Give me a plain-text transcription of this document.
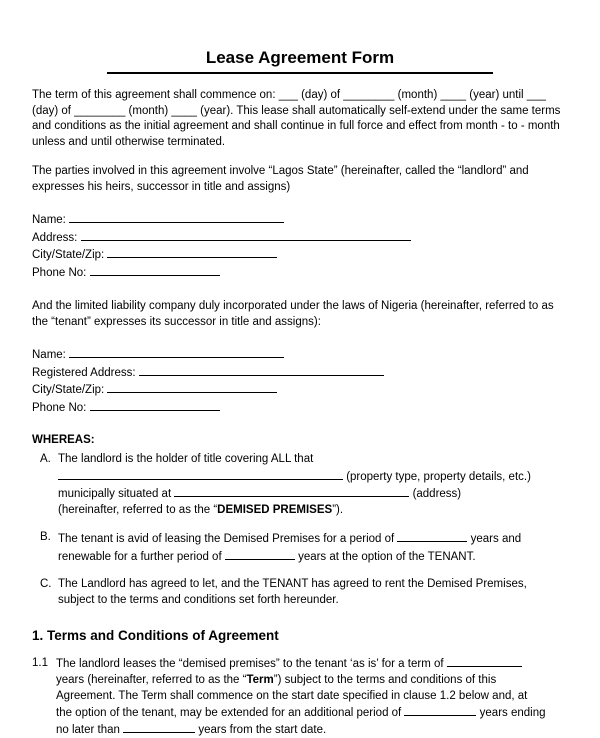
Lease Agreement Form

The term of this agreement shall commence on: ___ (day) of ________ (month) ____ (year) until ___ (day) of ________ (month) ____ (year). This lease shall automatically self-extend under the same terms and conditions as the initial agreement and shall continue in full force and effect from month - to - month unless and until otherwise terminated.

The parties involved in this agreement involve “Lagos State” (hereinafter, called the “landlord” and expresses his heirs, successor in title and assigns)

Name:
Address:
City/State/Zip:
Phone No:

And the limited liability company duly incorporated under the laws of Nigeria (hereinafter, referred to as the “tenant” expresses its successor in title and assigns):

Name:
Registered Address:
City/State/Zip:
Phone No:
WHEREAS:
A. The landlord is the holder of title covering ALL that
(property type, property details, etc.)
municipally situated at	(address)
(hereinafter, referred to as the “DEMISED PREMISES”).
B. The tenant is avid of leasing the Demised Premises for a period of	years and
renewable for a further period of	years at the option of the TENANT.
C. The Landlord has agreed to let, and the TENANT has agreed to rent the Demised Premises,
subject to the terms and conditions set forth hereunder.
1. Terms and Conditions of Agreement
1.1 The landlord leases the “demised premises” to the tenant ‘as is’ for a term of
years (hereinafter, referred to as the “Term”) subject to the terms and conditions of this
Agreement. The Term shall commence on the start date specified in clause 1.2 below and, at
the option of the tenant, may be extended for an additional period of	years ending
no later than	years from the start date.
